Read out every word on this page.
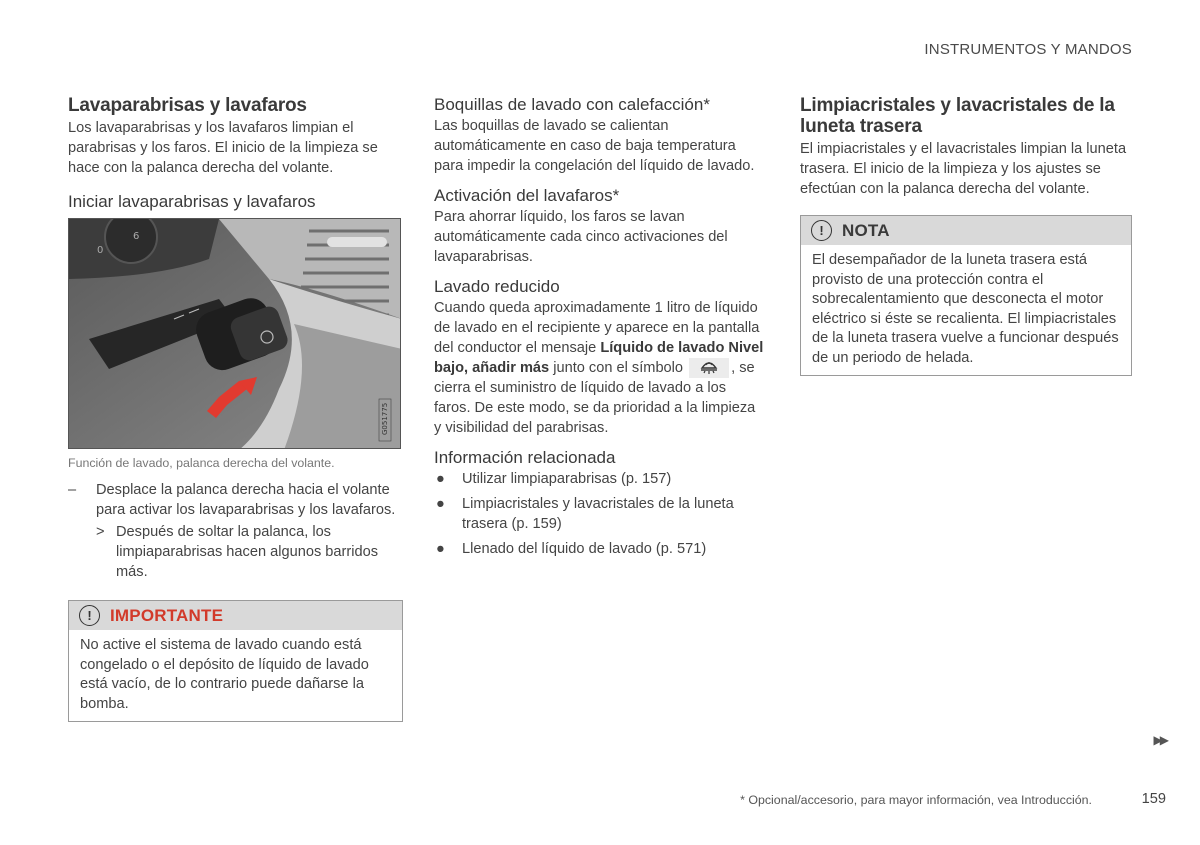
INSTRUMENTOS Y MANDOS
Lavaparabrisas y lavafaros

Los lavaparabrisas y los lavafaros limpian el parabrisas y los faros. El inicio de la limpieza se hace con la palanca derecha del volante.

Iniciar lavaparabrisas y lavafaros
0
6
G051775
Función de lavado, palanca derecha del volante.
–	Desplace la palanca derecha hacia el volante para activar los lavaparabrisas y los lavafaros.
> Después de soltar la palanca, los limpiaparabrisas hacen algunos barridos más.
!	IMPORTANTE
No active el sistema de lavado cuando está congelado o el depósito de líquido de lavado está vacío, de lo contrario puede dañarse la bomba.
Boquillas de lavado con calefacción*

Las boquillas de lavado se calientan automáticamente en caso de baja temperatura para impedir la congelación del líquido de lavado.

Activación del lavafaros*

Para ahorrar líquido, los faros se lavan automáticamente cada cinco activaciones del lavaparabrisas.

Lavado reducido

Cuando queda aproximadamente 1 litro de líquido de lavado en el recipiente y aparece en la pantalla del conductor el mensaje Líquido de lavado Nivel bajo, añadir más junto con el símbolo	, se cierra el suministro de líquido de lavado a los faros. De este modo, se da prioridad a la limpieza y visibilidad del parabrisas.

Información relacionada
●	Utilizar limpiaparabrisas (p. 157)
●	Limpiacristales y lavacristales de la luneta trasera (p. 159)
●	Llenado del líquido de lavado (p. 571)
Limpiacristales y lavacristales de la luneta trasera

El impiacristales y el lavacristales limpian la luneta trasera. El inicio de la limpieza y los ajustes se efectúan con la palanca derecha del volante.

!	NOTA
El desempañador de la luneta trasera está provisto de una protección contra el sobrecalentamiento que desconecta el motor eléctrico si éste se recalienta. El limpiacristales de la luneta trasera vuelve a funcionar después de un periodo de helada.
▶▶
* Opcional/accesorio, para mayor información, vea Introducción.	159
